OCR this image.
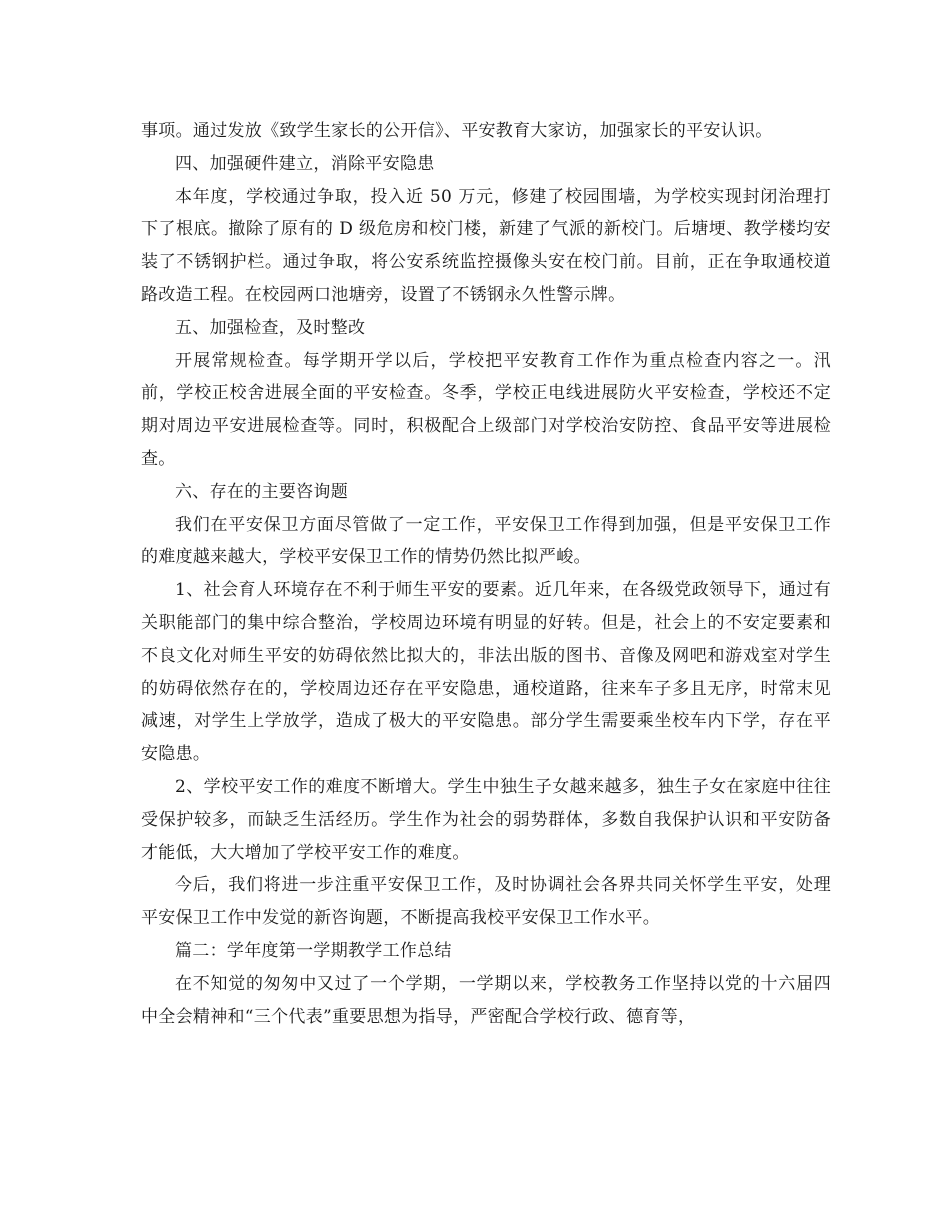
事项。通过发放《致学生家长的公开信》、平安教育大家访，加强家长的平安认识。

四、加强硬件建立，消除平安隐患

本年度，学校通过争取，投入近 50 万元，修建了校园围墙，为学校实现封闭治理打下了根底。撤除了原有的 D 级危房和校门楼，新建了气派的新校门。后塘埂、教学楼均安装了不锈钢护栏。通过争取，将公安系统监控摄像头安在校门前。目前，正在争取通校道路改造工程。在校园两口池塘旁，设置了不锈钢永久性警示牌。

五、加强检查，及时整改

开展常规检查。每学期开学以后，学校把平安教育工作作为重点检查内容之一。汛前，学校正校舍进展全面的平安检查。冬季，学校正电线进展防火平安检查，学校还不定期对周边平安进展检查等。同时，积极配合上级部门对学校治安防控、食品平安等进展检查。

六、存在的主要咨询题

我们在平安保卫方面尽管做了一定工作，平安保卫工作得到加强，但是平安保卫工作的难度越来越大，学校平安保卫工作的情势仍然比拟严峻。

1、社会育人环境存在不利于师生平安的要素。近几年来，在各级党政领导下，通过有关职能部门的集中综合整治，学校周边环境有明显的好转。但是，社会上的不安定要素和不良文化对师生平安的妨碍依然比拟大的，非法出版的图书、音像及网吧和游戏室对学生的妨碍依然存在的，学校周边还存在平安隐患，通校道路，往来车子多且无序，时常末见减速，对学生上学放学，造成了极大的平安隐患。部分学生需要乘坐校车内下学，存在平安隐患。

2、学校平安工作的难度不断增大。学生中独生子女越来越多，独生子女在家庭中往往受保护较多，而缺乏生活经历。学生作为社会的弱势群体，多数自我保护认识和平安防备才能低，大大增加了学校平安工作的难度。

今后，我们将进一步注重平安保卫工作，及时协调社会各界共同关怀学生平安，处理平安保卫工作中发觉的新咨询题，不断提高我校平安保卫工作水平。

篇二：学年度第一学期教学工作总结

在不知觉的匆匆中又过了一个学期，一学期以来，学校教务工作坚持以党的十六届四中全会精神和“三个代表”重要思想为指导，严密配合学校行政、德育等，
